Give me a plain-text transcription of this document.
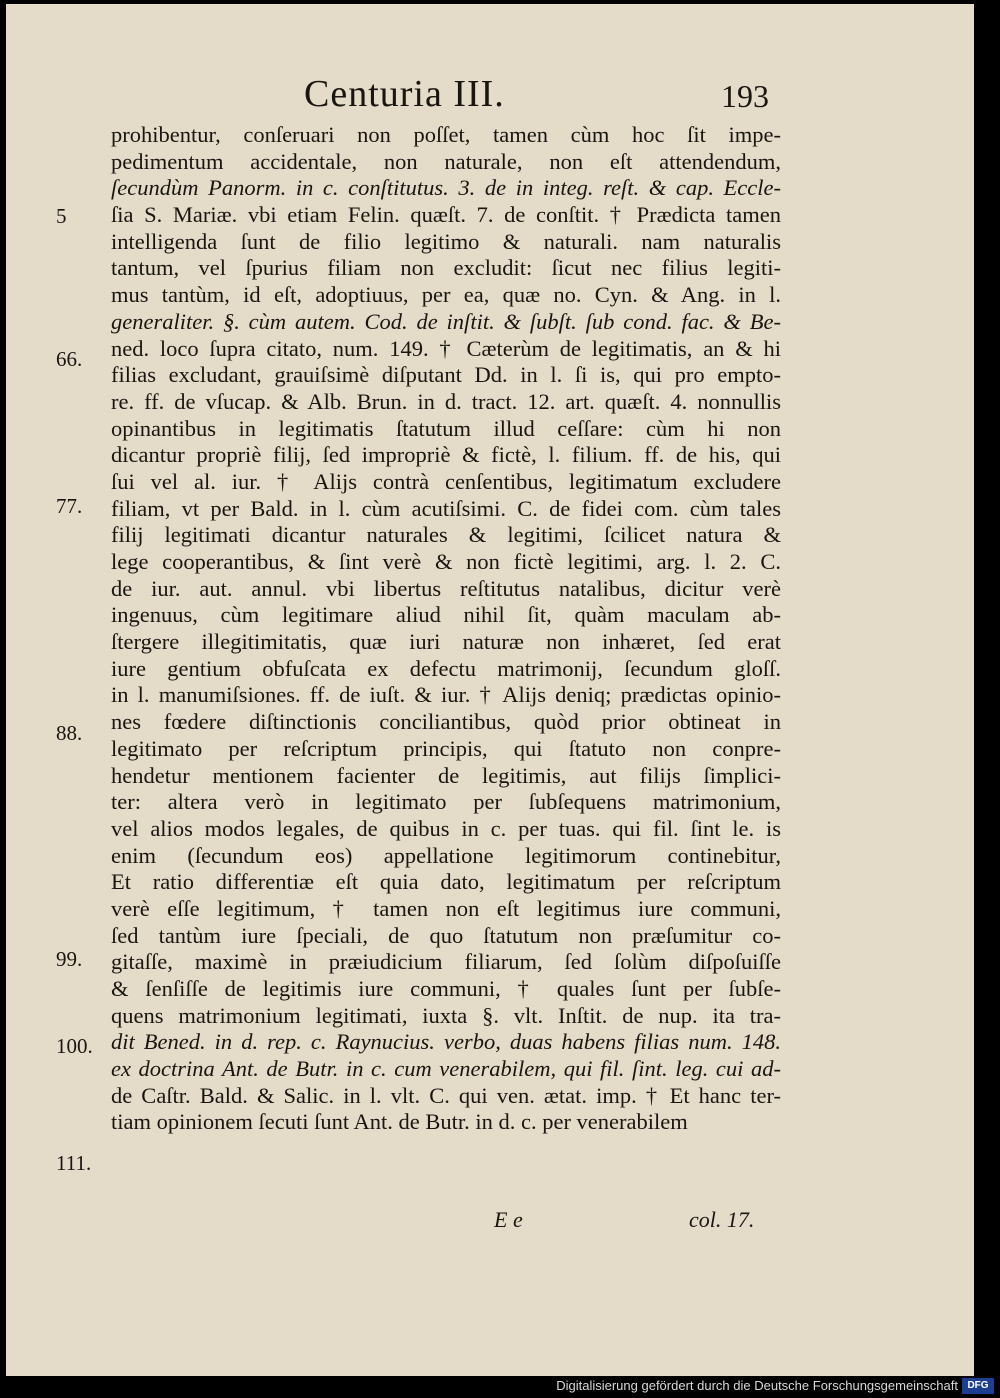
Centuria III.	193
5
66.
77.
88.
99.
100.
111.
prohibentur, conſeruari non poſſet, tamen cùm hoc ſit impe-
pedimentum accidentale, non naturale, non eſt attendendum,
ſecundùm Panorm. in c. conſtitutus. 3. de in integ. reſt. & cap. Eccle-
ſia S. Mariæ. vbi etiam Felin. quæſt. 7. de conſtit. † Prædicta tamen
intelligenda ſunt de filio legitimo & naturali. nam naturalis
tantum, vel ſpurius filiam non excludit: ſicut nec filius legiti-
mus tantùm, id eſt, adoptiuus, per ea, quæ no. Cyn. & Ang. in l.
generaliter. §. cùm autem. Cod. de inſtit. & ſubſt. ſub cond. fac. & Be-
ned. loco ſupra citato, num. 149. † Cæterùm de legitimatis, an & hi
filias excludant, grauiſsimè diſputant Dd. in l. ſi is, qui pro empto-
re. ff. de vſucap. & Alb. Brun. in d. tract. 12. art. quæſt. 4. nonnullis
opinantibus in legitimatis ſtatutum illud ceſſare: cùm hi non
dicantur propriè filij, ſed impropriè & fictè, l. filium. ff. de his, qui
ſui vel al. iur. † Alijs contrà cenſentibus, legitimatum excludere
filiam, vt per Bald. in l. cùm acutiſsimi. C. de fidei com. cùm tales
filij legitimati dicantur naturales & legitimi, ſcilicet natura &
lege cooperantibus, & ſint verè & non fictè legitimi, arg. l. 2. C.
de iur. aut. annul. vbi libertus reſtitutus natalibus, dicitur verè
ingenuus, cùm legitimare aliud nihil ſit, quàm maculam ab-
ſtergere illegitimitatis, quæ iuri naturæ non inhæret, ſed erat
iure gentium obfuſcata ex defectu matrimonij, ſecundum gloſſ.
in l. manumiſsiones. ff. de iuſt. & iur. † Alijs deniq; prædictas opinio-
nes fœdere diſtinctionis conciliantibus, quòd prior obtineat in
legitimato per reſcriptum principis, qui ſtatuto non conpre-
hendetur mentionem facienter de legitimis, aut filijs ſimplici-
ter: altera verò in legitimato per ſubſequens matrimonium,
vel alios modos legales, de quibus in c. per tuas. qui fil. ſint le. is
enim (ſecundum eos) appellatione legitimorum continebitur,
Et ratio differentiæ eſt quia dato, legitimatum per reſcriptum
verè eſſe legitimum, † tamen non eſt legitimus iure communi,
ſed tantùm iure ſpeciali, de quo ſtatutum non præſumitur co-
gitaſſe, maximè in præiudicium filiarum, ſed ſolùm diſpoſuiſſe
& ſenſiſſe de legitimis iure communi, † quales ſunt per ſubſe-
quens matrimonium legitimati, iuxta §. vlt. Inſtit. de nup. ita tra-
dit Bened. in d. rep. c. Raynucius. verbo, duas habens filias num. 148.
ex doctrina Ant. de Butr. in c. cum venerabilem, qui fil. ſint. leg. cui ad-
de Caſtr. Bald. & Salic. in l. vlt. C. qui ven. ætat. imp. † Et hanc ter-
tiam opinionem ſecuti ſunt Ant. de Butr. in d. c. per venerabilem
E e	col. 17.
Digitalisierung gefördert durch die Deutsche Forschungsgemeinschaft DFG
